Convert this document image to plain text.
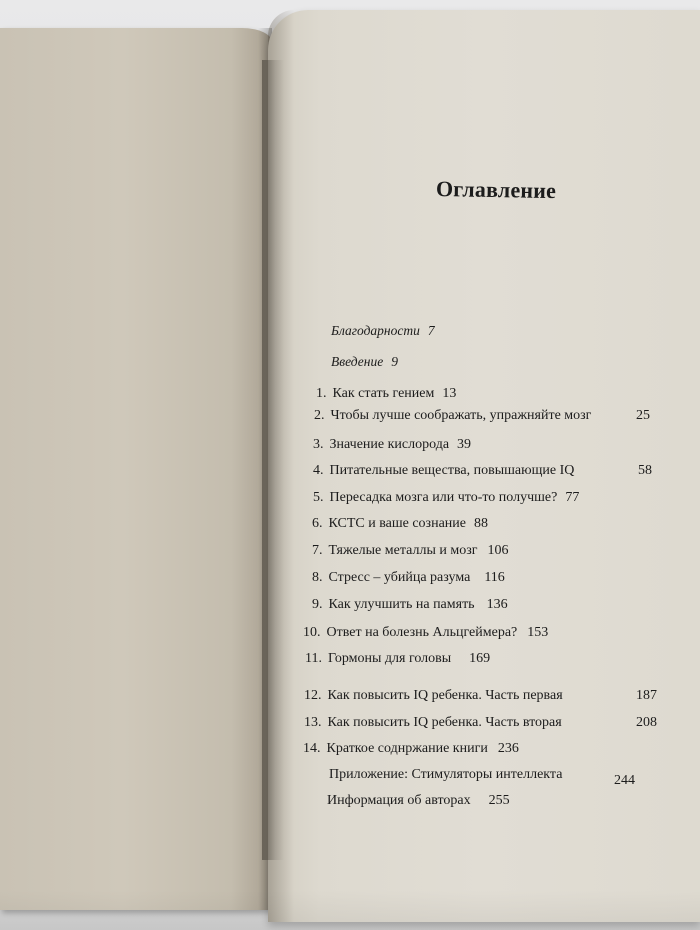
Оглавление
Благодарности 7
Введение 9
1. Как стать гением 13
2. Чтобы лучше соображать, упражняйте мозг	25
3. Значение кислорода 39
4. Питательные вещества, повышающие IQ	58
5. Пересадка мозга или что-то получше? 77
6. КСТС и ваше сознание 88
7. Тяжелые металлы и мозг 106
8. Стресс – убийца разума 116
9. Как улучшить на память 136
10. Ответ на болезнь Альцгеймера? 153
11. Гормоны для головы 169
12. Как повысить IQ ребенка. Часть первая	187
13. Как повысить IQ ребенка. Часть вторая	208
14. Краткое соднржание книги 236
Приложение: Стимуляторы интеллекта	244
Информация об авторах 255
